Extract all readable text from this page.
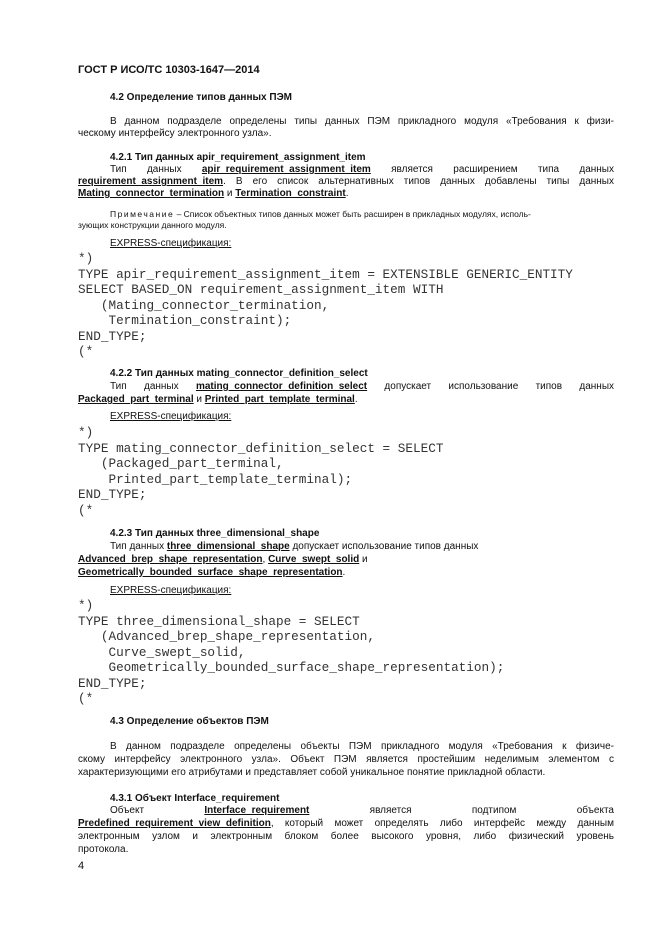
ГОСТ Р ИСО/ТС 10303-1647—2014
4.2 Определение типов данных ПЭМ
В данном подразделе определены типы данных ПЭМ прикладного модуля «Требования к физи-
ческому интерфейсу электронного узла».
4.2.1 Тип данных apir_requirement_assignment_item
Тип данных apir_requirement_assignment_item является расширением типа данных
requirement_assignment_item. В его список альтернативных типов данных добавлены типы данных
Mating_connector_termination и Termination_constraint.
Примечание – Список объектных типов данных может быть расширен в прикладных модулях, исполь-
зующих конструкции данного модуля.
EXPRESS-спецификация:
*)
TYPE apir_requirement_assignment_item = EXTENSIBLE GENERIC_ENTITY
SELECT BASED_ON requirement_assignment_item WITH
(Mating_connector_termination,
Termination_constraint);
END_TYPE;
(*
4.2.2 Тип данных mating_connector_definition_select
Тип данных mating_connector_definition_select допускает использование типов данных
Packaged_part_terminal и Printed_part_template_terminal.
EXPRESS-спецификация:
*)
TYPE mating_connector_definition_select = SELECT
(Packaged_part_terminal,
Printed_part_template_terminal);
END_TYPE;
(*
4.2.3 Тип данных three_dimensional_shape
Тип данных three_dimensional_shape допускает использование типов данных
Advanced_brep_shape_representation, Curve_swept_solid и
Geometrically_bounded_surface_shape_representation.
EXPRESS-спецификация:
*)
TYPE three_dimensional_shape = SELECT
(Advanced_brep_shape_representation,
Curve_swept_solid,
Geometrically_bounded_surface_shape_representation);
END_TYPE;
(*
4.3 Определение объектов ПЭМ
В данном подразделе определены объекты ПЭМ прикладного модуля «Требования к физиче-
скому интерфейсу электронного узла». Объект ПЭМ является простейшим неделимым элементом с
характеризующими его атрибутами и представляет собой уникальное понятие прикладной области.
4.3.1 Объект Interface_requirement
Объект Interface_requirement является подтипом объекта
Predefined_requirement_view_definition, который может определять либо интерфейс между данным
электронным узлом и электронным блоком более высокого уровня, либо физический уровень
протокола.
4
